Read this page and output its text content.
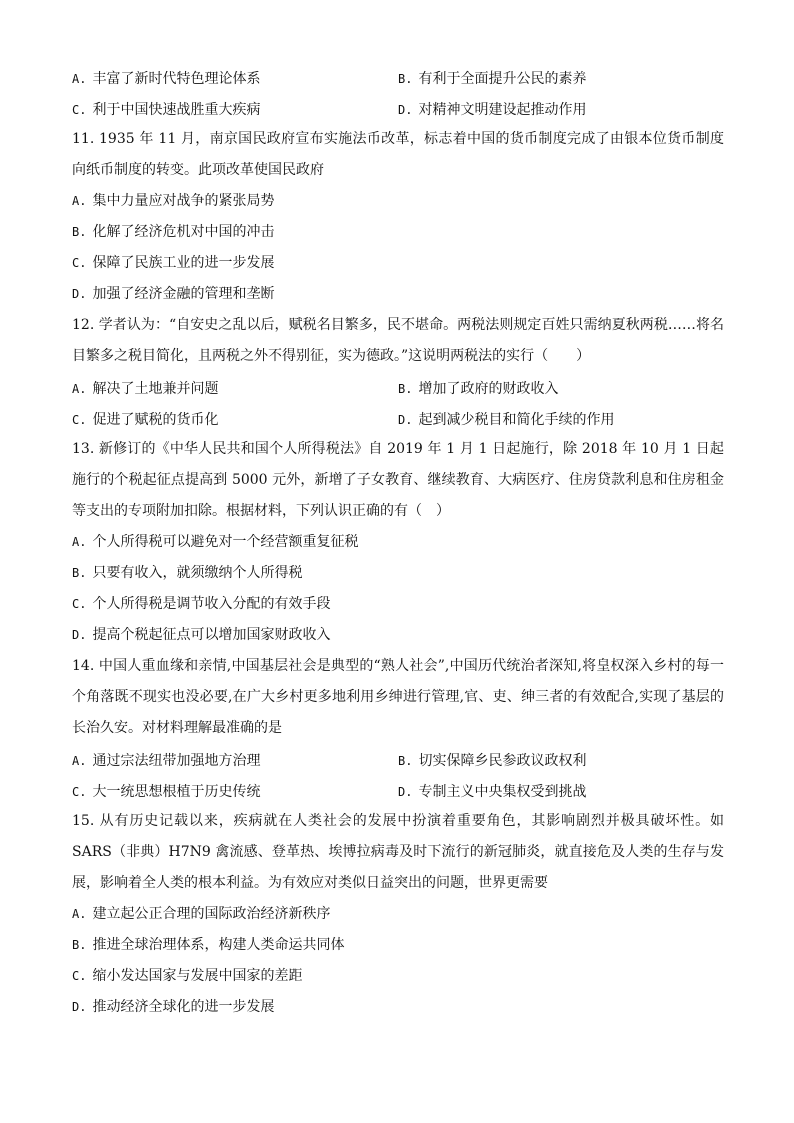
A. 丰富了新时代特色理论体系	B. 有利于全面提升公民的素养
C. 利于中国快速战胜重大疾病	D. 对精神文明建设起推动作用
11. 1935 年 11 月，南京国民政府宣布实施法币改革，标志着中国的货币制度完成了由银本位货币制度向纸币制度的转变。此项改革使国民政府
A. 集中力量应对战争的紧张局势
B. 化解了经济危机对中国的冲击
C. 保障了民族工业的进一步发展
D. 加强了经济金融的管理和垄断
12. 学者认为：“自安史之乱以后，赋税名目繁多，民不堪命。两税法则规定百姓只需纳夏秋两税……将名目繁多之税目简化，且两税之外不得别征，实为德政。”这说明两税法的实行（　　）
A. 解决了土地兼并问题	B. 增加了政府的财政收入
C. 促进了赋税的货币化	D. 起到减少税目和简化手续的作用
13. 新修订的《中华人民共和国个人所得税法》自 2019 年 1 月 1 日起施行，除 2018 年 10 月 1 日起施行的个税起征点提高到 5000 元外，新增了子女教育、继续教育、大病医疗、住房贷款利息和住房租金等支出的专项附加扣除。根据材料，下列认识正确的有（　）
A. 个人所得税可以避免对一个经营额重复征税
B. 只要有收入，就须缴纳个人所得税
C. 个人所得税是调节收入分配的有效手段
D. 提高个税起征点可以增加国家财政收入
14. 中国人重血缘和亲情,中国基层社会是典型的“熟人社会”,中国历代统治者深知,将皇权深入乡村的每一个角落既不现实也没必要,在广大乡村更多地利用乡绅进行管理,官、吏、绅三者的有效配合,实现了基层的长治久安。对材料理解最准确的是
A. 通过宗法纽带加强地方治理	B. 切实保障乡民参政议政权利
C. 大一统思想根植于历史传统	D. 专制主义中央集权受到挑战
15. 从有历史记载以来，疾病就在人类社会的发展中扮演着重要角色，其影响剧烈并极具破坏性。如 SARS（非典）H7N9 禽流感、登革热、埃博拉病毒及时下流行的新冠肺炎，就直接危及人类的生存与发展，影响着全人类的根本利益。为有效应对类似日益突出的问题，世界更需要
A. 建立起公正合理的国际政治经济新秩序
B. 推进全球治理体系，构建人类命运共同体
C. 缩小发达国家与发展中国家的差距
D. 推动经济全球化的进一步发展
